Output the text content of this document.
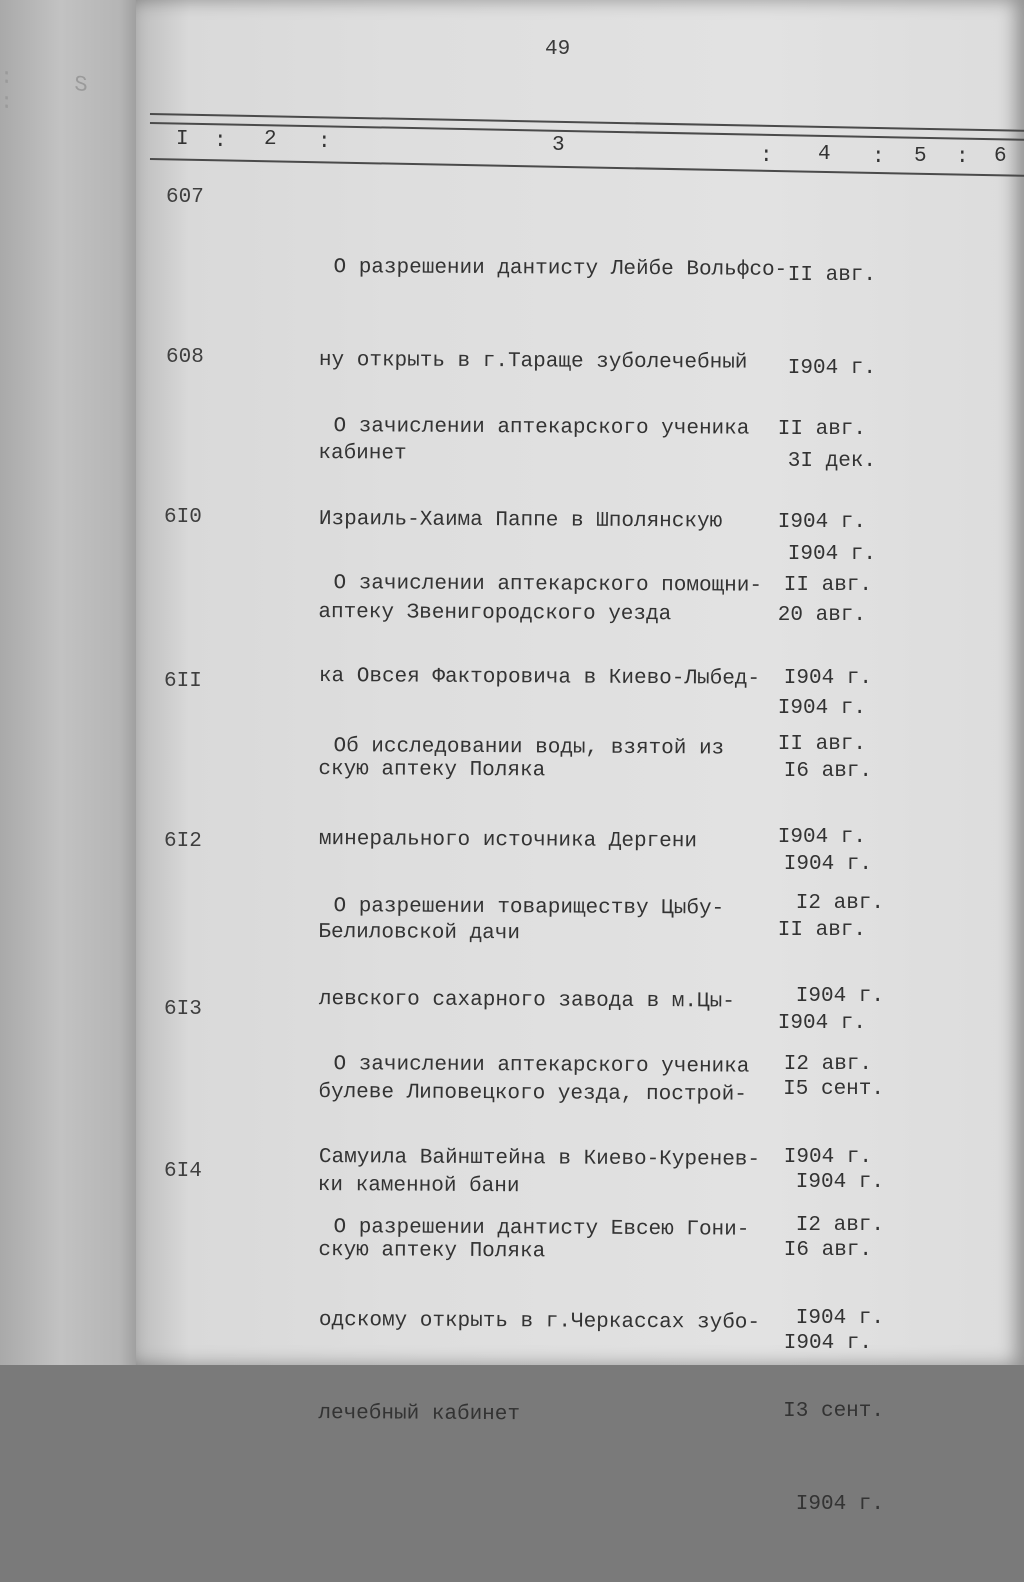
: S :
49
I : 2 :	3	: 4 : 5 : 6
607

О разрешении дантисту Лейбе Вольфсо-

ну открыть в г.Тараще зуболечебный

кабинет

II авг.

I904 г.

3I дек.

I904 г.

608

О зачислении аптекарского ученика

Израиль-Хаима Паппе в Шполянскую

аптеку Звенигородского уезда

II авг.

I904 г.

20 авг.

I904 г.

6I0

О зачислении аптекарского помощни-

ка Овсея Факторовича в Киево-Лыбед-

скую аптеку Поляка

II авг.

I904 г.

I6 авг.

I904 г.

6II

Об исследовании воды, взятой из

минерального источника Дергени

Белиловской дачи

II авг.

I904 г.

II авг.

I904 г.

6I2

О разрешении товариществу Цыбу-

левского сахарного завода в м.Цы-

булеве Липовецкого уезда, построй-

ки каменной бани

I2 авг.

I904 г.

I5 сент.

I904 г.

6I3

О зачислении аптекарского ученика

Самуила Вайнштейна в Киево-Куренев-

скую аптеку Поляка

I2 авг.

I904 г.

I6 авг.

I904 г.

6I4

О разрешении дантисту Евсею Гони-

одскому открыть в г.Черкассах зубо-

лечебный кабинет

I2 авг.

I904 г.

I3 сент.

I904 г.
